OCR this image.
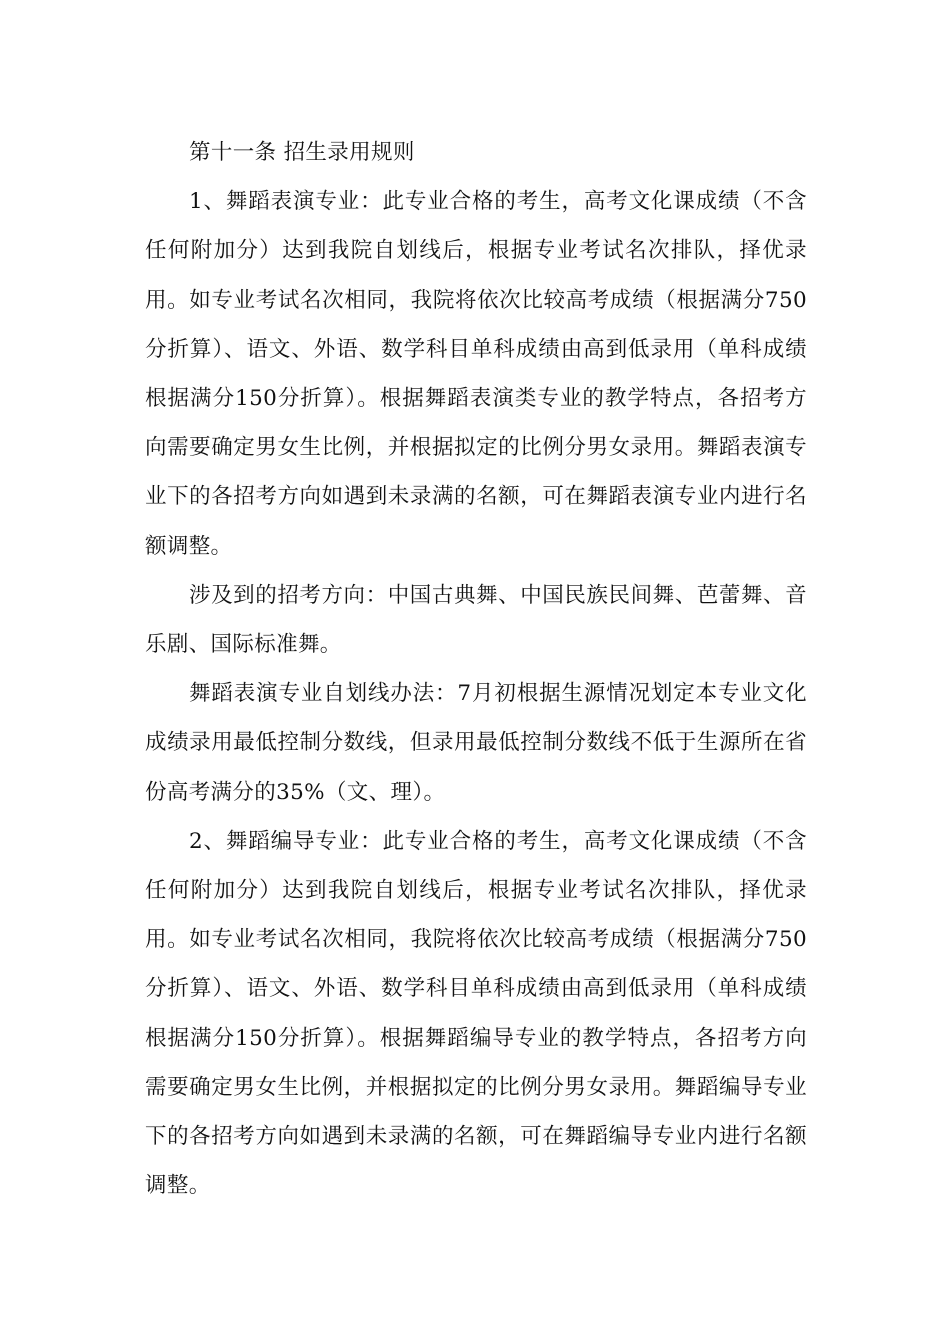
第十一条 招生录用规则

1、舞蹈表演专业：此专业合格的考生，高考文化课成绩（不含任何附加分）达到我院自划线后，根据专业考试名次排队，择优录用。如专业考试名次相同，我院将依次比较高考成绩（根据满分750分折算）、语文、外语、数学科目单科成绩由高到低录用（单科成绩根据满分150分折算）。根据舞蹈表演类专业的教学特点，各招考方向需要确定男女生比例，并根据拟定的比例分男女录用。舞蹈表演专业下的各招考方向如遇到未录满的名额，可在舞蹈表演专业内进行名额调整。

涉及到的招考方向：中国古典舞、中国民族民间舞、芭蕾舞、音乐剧、国际标准舞。

舞蹈表演专业自划线办法：7月初根据生源情况划定本专业文化成绩录用最低控制分数线，但录用最低控制分数线不低于生源所在省份高考满分的35%（文、理）。

2、舞蹈编导专业：此专业合格的考生，高考文化课成绩（不含任何附加分）达到我院自划线后，根据专业考试名次排队，择优录用。如专业考试名次相同，我院将依次比较高考成绩（根据满分750分折算）、语文、外语、数学科目单科成绩由高到低录用（单科成绩根据满分150分折算）。根据舞蹈编导专业的教学特点，各招考方向需要确定男女生比例，并根据拟定的比例分男女录用。舞蹈编导专业下的各招考方向如遇到未录满的名额，可在舞蹈编导专业内进行名额调整。
